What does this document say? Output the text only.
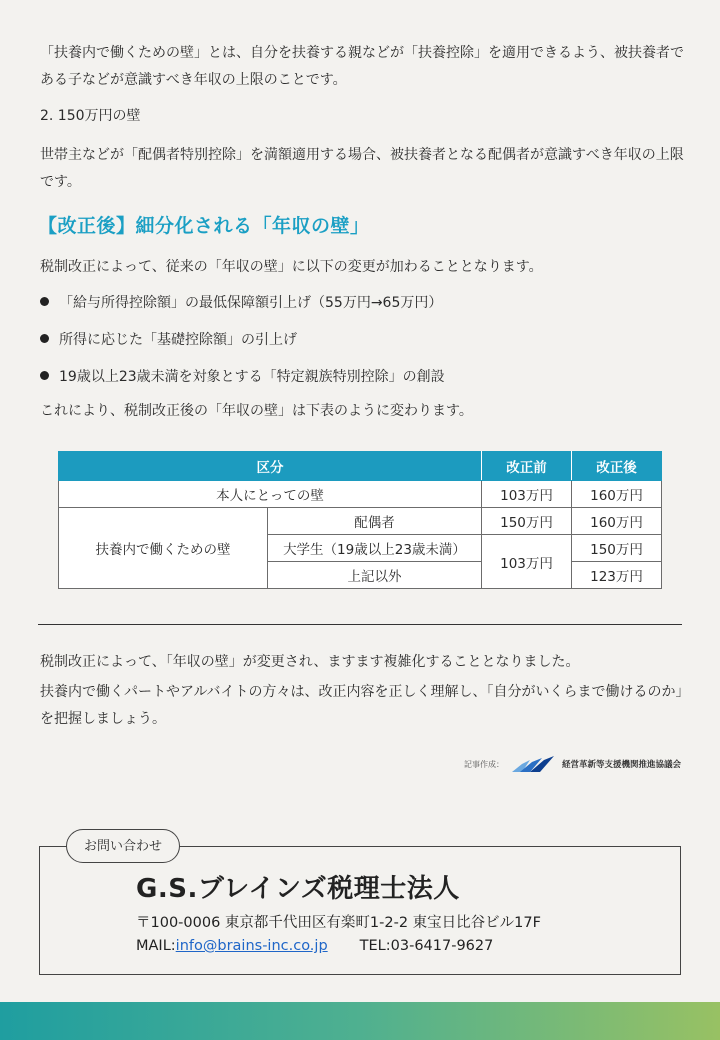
「扶養内で働くための壁」とは、自分を扶養する親などが「扶養控除」を適用できるよう、被扶養者である子などが意識すべき年収の上限のことです。

2. 150万円の壁

世帯主などが「配偶者特別控除」を満額適用する場合、被扶養者となる配偶者が意識すべき年収の上限です。

【改正後】細分化される「年収の壁」

税制改正によって、従来の「年収の壁」に以下の変更が加わることとなります。

「給与所得控除額」の最低保障額引上げ（55万円→65万円）
所得に応じた「基礎控除額」の引上げ
19歳以上23歳未満を対象とする「特定親族特別控除」の創設

これにより、税制改正後の「年収の壁」は下表のように変わります。

区分		改正前	改正後
本人にとっての壁		103万円	160万円
扶養内で働くための壁	配偶者	150万円	160万円
	大学生（19歳以上23歳未満）	103万円	150万円
	上記以外		123万円

税制改正によって、「年収の壁」が変更され、ますます複雑化することとなりました。

扶養内で働くパートやアルバイトの方々は、改正内容を正しく理解し、「自分がいくらまで働けるのか」を把握しましょう。

記事作成：	経営革新等支援機関推進協議会
お問い合わせ
G.S.ブレインズ税理士法人
〒100-0006 東京都千代田区有楽町1-2-2 東宝日比谷ビル17F
MAIL:info@brains-inc.co.jp TEL:03-6417-9627
